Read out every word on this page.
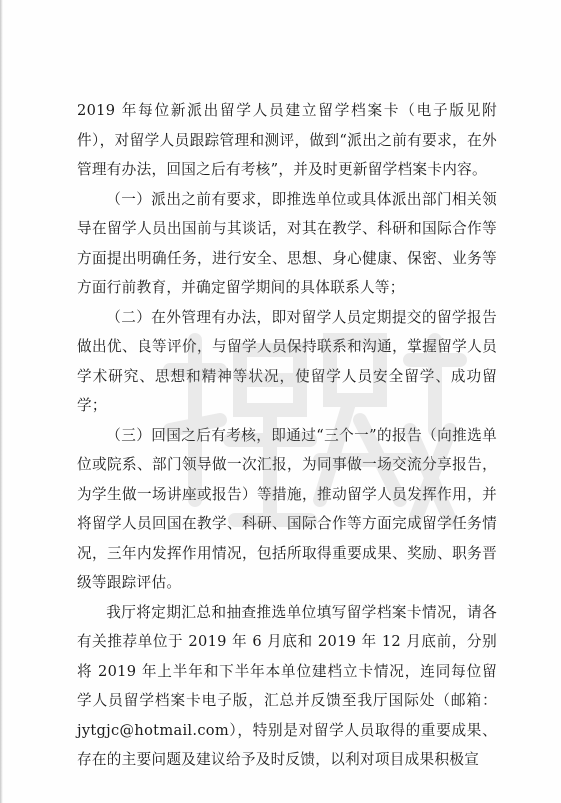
2019 年每位新派出留学人员建立留学档案卡（电子版见附件），对留学人员跟踪管理和测评，做到“派出之前有要求，在外管理有办法，回国之后有考核”，并及时更新留学档案卡内容。

（一）派出之前有要求，即推选单位或具体派出部门相关领导在留学人员出国前与其谈话，对其在教学、科研和国际合作等方面提出明确任务，进行安全、思想、身心健康、保密、业务等方面行前教育，并确定留学期间的具体联系人等；

（二）在外管理有办法，即对留学人员定期提交的留学报告做出优、良等评价，与留学人员保持联系和沟通，掌握留学人员学术研究、思想和精神等状况，使留学人员安全留学、成功留学；

（三）回国之后有考核，即通过“三个一”的报告（向推选单位或院系、部门领导做一次汇报，为同事做一场交流分享报告，为学生做一场讲座或报告）等措施，推动留学人员发挥作用，并将留学人员回国在教学、科研、国际合作等方面完成留学任务情况，三年内发挥作用情况，包括所取得重要成果、奖励、职务晋级等跟踪评估。

我厅将定期汇总和抽查推选单位填写留学档案卡情况，请各有关推荐单位于 2019 年 6 月底和 2019 年 12 月底前，分别将 2019 年上半年和下半年本单位建档立卡情况，连同每位留学人员留学档案卡电子版，汇总并反馈至我厅国际处（邮箱：jytgjc@hotmail.com），特别是对留学人员取得的重要成果、存在的主要问题及建议给予及时反馈，以利对项目成果积极宣
